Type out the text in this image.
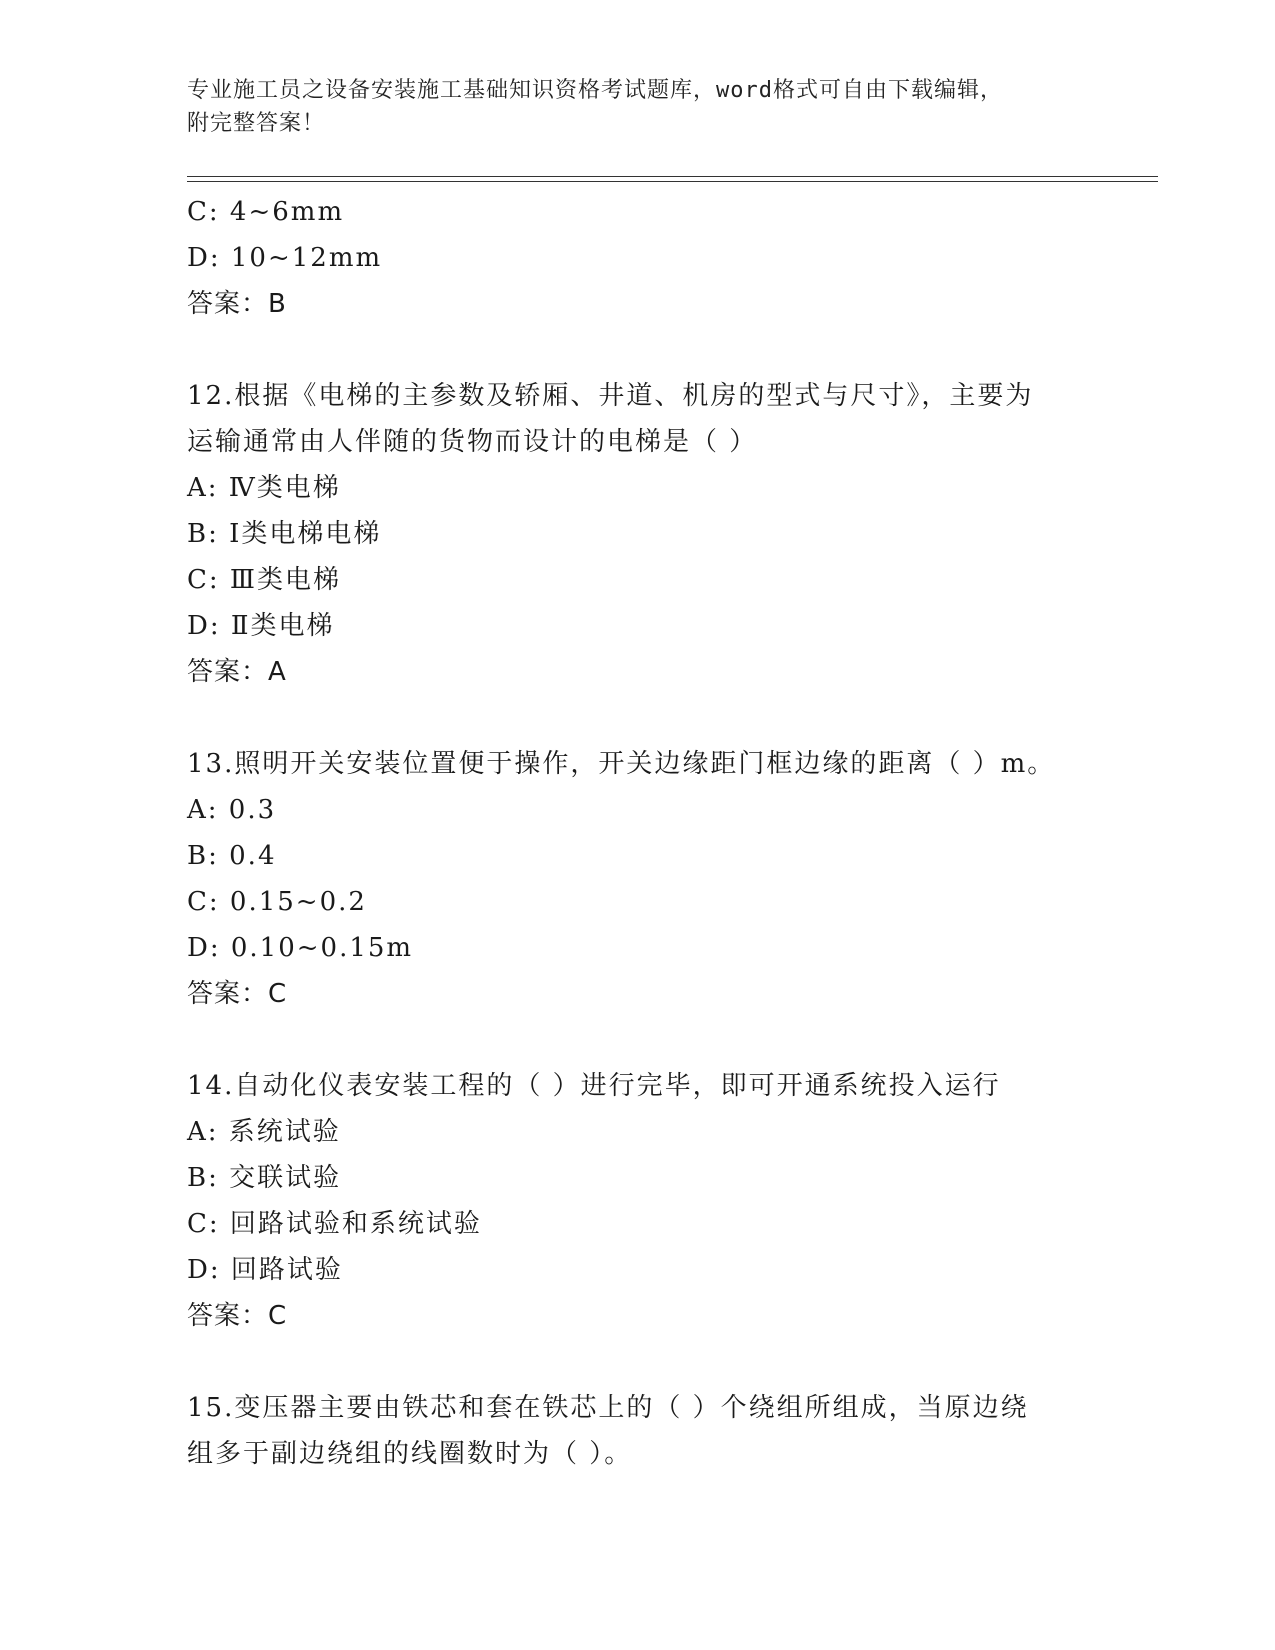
专业施工员之设备安装施工基础知识资格考试题库，word格式可自由下载编辑，
附完整答案！
C: 4~6mm
D: 10~12mm
答案：B
12.根据《电梯的主参数及轿厢、井道、机房的型式与尺寸》，主要为
运输通常由人伴随的货物而设计的电梯是（ ）
A: Ⅳ类电梯
B: Ⅰ类电梯电梯
C: Ⅲ类电梯
D: Ⅱ类电梯
答案：A
13.照明开关安装位置便于操作，开关边缘距门框边缘的距离（ ）m。
A: 0.3
B: 0.4
C: 0.15~0.2
D: 0.10~0.15m
答案：C
14.自动化仪表安装工程的（ ）进行完毕，即可开通系统投入运行
A: 系统试验
B: 交联试验
C: 回路试验和系统试验
D: 回路试验
答案：C
15.变压器主要由铁芯和套在铁芯上的（ ）个绕组所组成，当原边绕
组多于副边绕组的线圈数时为（ ）。
